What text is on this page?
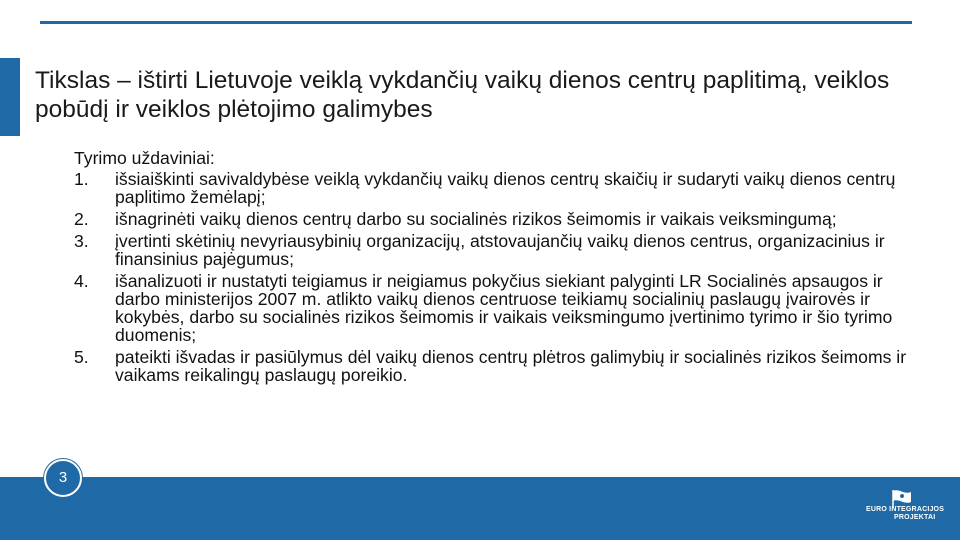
Tikslas – ištirti Lietuvoje veiklą vykdančių vaikų dienos centrų paplitimą, veiklos pobūdį ir veiklos plėtojimo galimybes
Tyrimo uždaviniai:
1. išsiaiškinti savivaldybėse veiklą vykdančių vaikų dienos centrų skaičių ir sudaryti vaikų dienos centrų paplitimo žemėlapį;
2. išnagrinėti vaikų dienos centrų darbo su socialinės rizikos šeimomis ir vaikais veiksmingumą;
3. įvertinti skėtinių nevyriausybinių organizacijų, atstovaujančių vaikų dienos centrus, organizacinius ir finansinius pajėgumus;
4. išanalizuoti ir nustatyti teigiamus ir neigiamus pokyčius siekiant palyginti LR Socialinės apsaugos ir darbo ministerijos 2007 m. atlikto vaikų dienos centruose teikiamų socialinių paslaugų įvairovės ir kokybės, darbo su socialinės rizikos šeimomis ir vaikais veiksmingumo įvertinimo tyrimo ir šio tyrimo duomenis;
5. pateikti išvadas ir pasiūlymus dėl vaikų dienos centrų plėtros galimybių ir socialinės rizikos šeimoms ir vaikams reikalingų paslaugų poreikio.
3
EURO INTEGRACIJOS
PROJEKTAI
